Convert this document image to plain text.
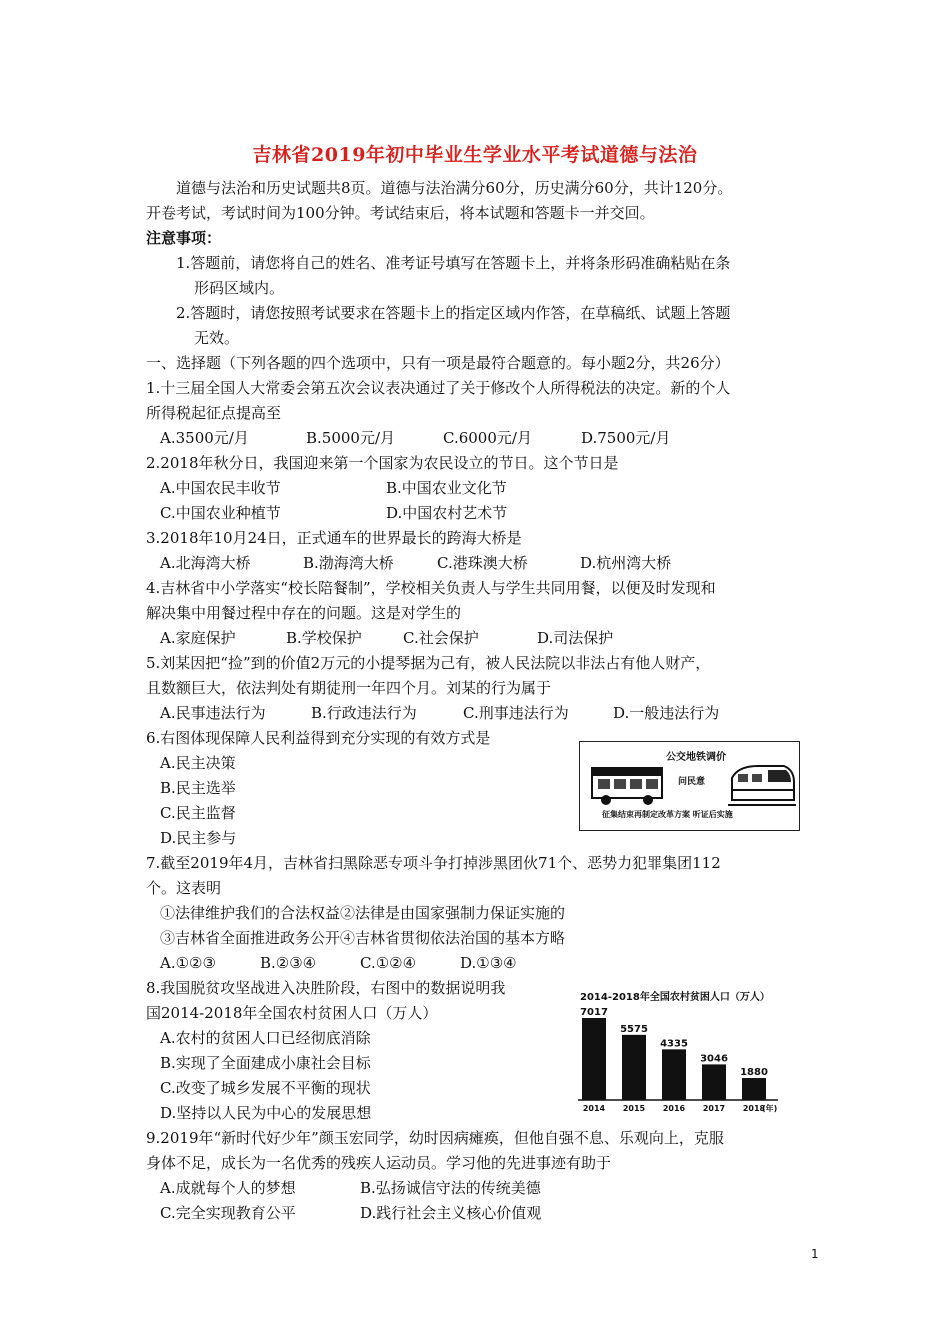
吉林省2019年初中毕业生学业水平考试道德与法治
道德与法治和历史试题共8页。道德与法治满分60分，历史满分60分，共计120分。
开卷考试，考试时间为100分钟。考试结束后，将本试题和答题卡一并交回。
注意事项：
1.答题前，请您将自己的姓名、准考证号填写在答题卡上，并将条形码准确粘贴在条
形码区域内。
2.答题时，请您按照考试要求在答题卡上的指定区域内作答，在草稿纸、试题上答题
无效。
一、选择题（下列各题的四个选项中，只有一项是最符合题意的。每小题2分，共26分）
1.十三届全国人大常委会第五次会议表决通过了关于修改个人所得税法的决定。新的个人
所得税起征点提高至
A.3500元/月	B.5000元/月	C.6000元/月	D.7500元/月
2.2018年秋分日，我国迎来第一个国家为农民设立的节日。这个节日是
A.中国农民丰收节	B.中国农业文化节
C.中国农业种植节	D.中国农村艺术节
3.2018年10月24日，正式通车的世界最长的跨海大桥是
A.北海湾大桥	B.渤海湾大桥	C.港珠澳大桥	D.杭州湾大桥
4.吉林省中小学落实“校长陪餐制”，学校相关负责人与学生共同用餐，以便及时发现和
解决集中用餐过程中存在的问题。这是对学生的
A.家庭保护	B.学校保护	C.社会保护	D.司法保护
5.刘某因把“捡”到的价值2万元的小提琴据为己有，被人民法院以非法占有他人财产，
且数额巨大，依法判处有期徒刑一年四个月。刘某的行为属于
A.民事违法行为	B.行政违法行为	C.刑事违法行为	D.一般违法行为
6.右图体现保障人民利益得到充分实现的有效方式是
A.民主决策
B.民主选举
C.民主监督
D.民主参与
公交地铁调价
问民意
征集结束再制定改革方案 听证后实施
7.截至2019年4月，吉林省扫黑除恶专项斗争打掉涉黑团伙71个、恶势力犯罪集团112
个。这表明
①法律维护我们的合法权益②法律是由国家强制力保证实施的
③吉林省全面推进政务公开④吉林省贯彻依法治国的基本方略
A.①②③	B.②③④	C.①②④	D.①③④
8.我国脱贫攻坚战进入决胜阶段，右图中的数据说明我
国2014-2018年全国农村贫困人口（万人）
A.农村的贫困人口已经彻底消除
B.实现了全面建成小康社会目标
C.改变了城乡发展不平衡的现状
D.坚持以人民为中心的发展思想
2014-2018年全国农村贫困人口（万人）
7017
2014
5575
2015
4335
2016
3046
2017
1880
2018
(年)
9.2019年“新时代好少年”颜玉宏同学，幼时因病瘫痪，但他自强不息、乐观向上，克服
身体不足，成长为一名优秀的残疾人运动员。学习他的先进事迹有助于
A.成就每个人的梦想	B.弘扬诚信守法的传统美德
C.完全实现教育公平	D.践行社会主义核心价值观
1
